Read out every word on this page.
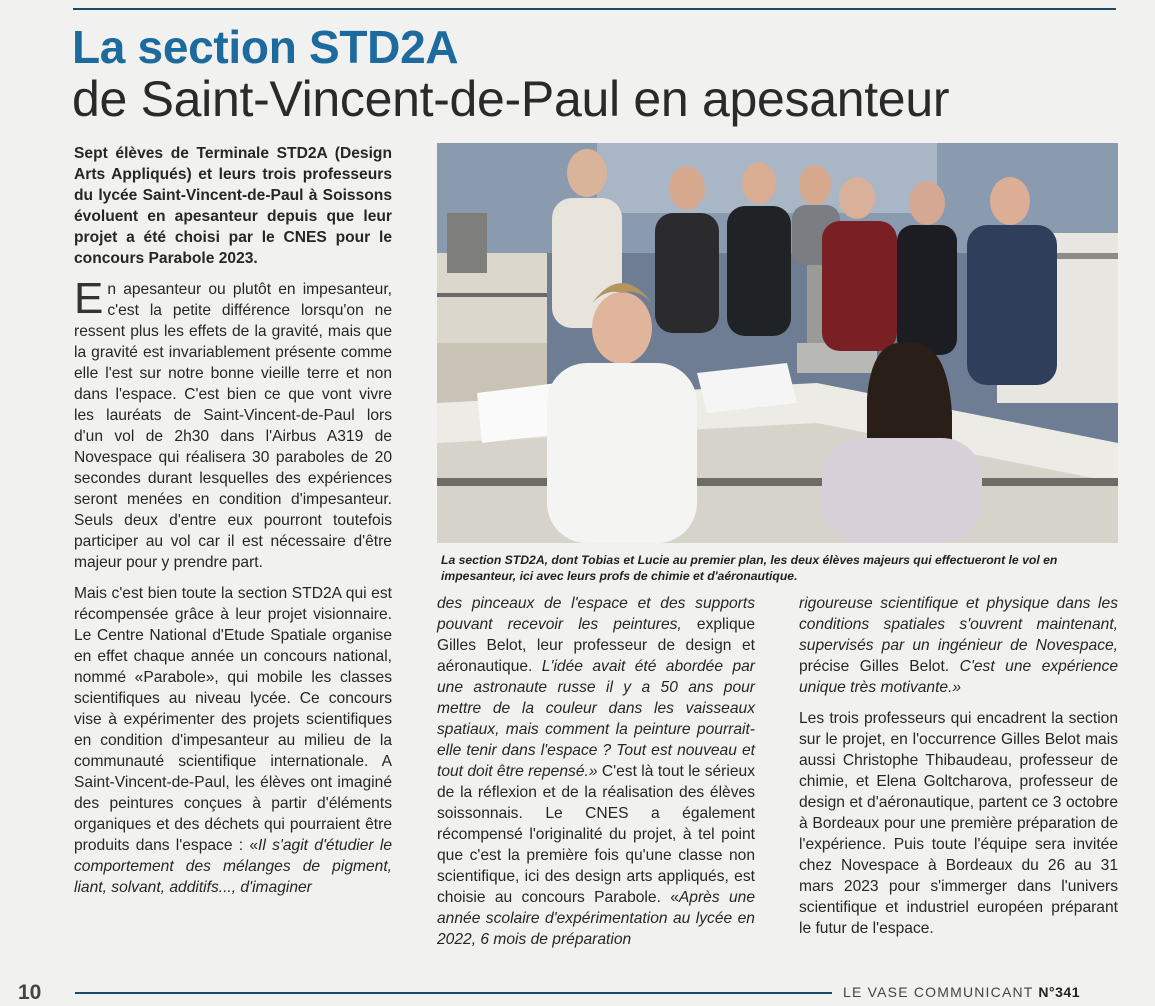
La section STD2A
de Saint-Vincent-de-Paul en apesanteur

Sept élèves de Terminale STD2A (Design Arts Appliqués) et leurs trois professeurs du lycée Saint-Vincent-de-Paul à Soissons évoluent en apesanteur depuis que leur projet a été choisi par le CNES pour le concours Parabole 2023.

En apesanteur ou plutôt en impesanteur, c'est la petite différence lorsqu'on ne ressent plus les effets de la gravité, mais que la gravité est invariablement présente comme elle l'est sur notre bonne vieille terre et non dans l'espace. C'est bien ce que vont vivre les lauréats de Saint-Vincent-de-Paul lors d'un vol de 2h30 dans l'Airbus A319 de Novespace qui réalisera 30 paraboles de 20 secondes durant lesquelles des expériences seront menées en condition d'impesanteur. Seuls deux d'entre eux pourront toutefois participer au vol car il est nécessaire d'être majeur pour y prendre part.

Mais c'est bien toute la section STD2A qui est récompensée grâce à leur projet visionnaire. Le Centre National d'Etude Spatiale organise en effet chaque année un concours national, nommé «Parabole», qui mobile les classes scientifiques au niveau lycée. Ce concours vise à expérimenter des projets scientifiques en condition d'impesanteur au milieu de la communauté scientifique internationale. A Saint-Vincent-de-Paul, les élèves ont imaginé des peintures conçues à partir d'éléments organiques et des déchets qui pourraient être produits dans l'espace : «Il s'agit d'étudier le comportement des mélanges de pigment, liant, solvant, additifs..., d'imaginer

La section STD2A, dont Tobias et Lucie au premier plan, les deux élèves majeurs qui effectueront le vol en impesanteur, ici avec leurs profs de chimie et d'aéronautique.

des pinceaux de l'espace et des supports pouvant recevoir les peintures, explique Gilles Belot, leur professeur de design et aéronautique. L'idée avait été abordée par une astronaute russe il y a 50 ans pour mettre de la couleur dans les vaisseaux spatiaux, mais comment la peinture pourrait-elle tenir dans l'espace ? Tout est nouveau et tout doit être repensé.» C'est là tout le sérieux de la réflexion et de la réalisation des élèves soissonnais. Le CNES a également récompensé l'originalité du projet, à tel point que c'est la première fois qu'une classe non scientifique, ici des design arts appliqués, est choisie au concours Parabole. «Après une année scolaire d'expérimentation au lycée en 2022, 6 mois de préparation

rigoureuse scientifique et physique dans les conditions spatiales s'ouvrent maintenant, supervisés par un ingénieur de Novespace, précise Gilles Belot. C'est une expérience unique très motivante.»

Les trois professeurs qui encadrent la section sur le projet, en l'occurrence Gilles Belot mais aussi Christophe Thibaudeau, professeur de chimie, et Elena Goltcharova, professeur de design et d'aéronautique, partent ce 3 octobre à Bordeaux pour une première préparation de l'expérience. Puis toute l'équipe sera invitée chez Novespace à Bordeaux du 26 au 31 mars 2023 pour s'immerger dans l'univers scientifique et industriel européen préparant le futur de l'espace.

10	LE VASE COMMUNICANT N°341
